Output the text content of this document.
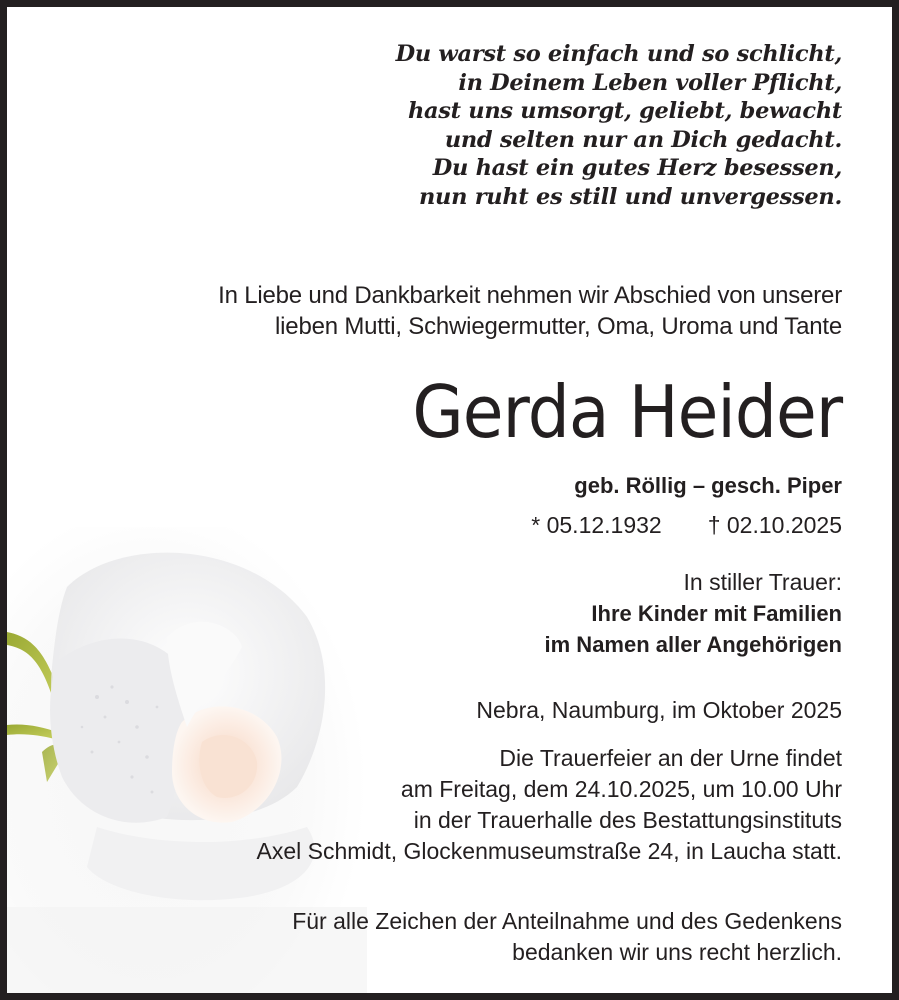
Du warst so einfach und so schlicht,
in Deinem Leben voller Pflicht,
hast uns umsorgt, geliebt, bewacht
und selten nur an Dich gedacht.
Du hast ein gutes Herz besessen,
nun ruht es still und unvergessen.
In Liebe und Dankbarkeit nehmen wir Abschied von unserer
lieben Mutti, Schwiegermutter, Oma, Uroma und Tante
Gerda Heider
geb. Röllig – gesch. Piper
* 05.12.1932 † 02.10.2025
In stiller Trauer:
Ihre Kinder mit Familien
im Namen aller Angehörigen
Nebra, Naumburg, im Oktober 2025
Die Trauerfeier an der Urne findet
am Freitag, dem 24.10.2025, um 10.00 Uhr
in der Trauerhalle des Bestattungsinstituts
Axel Schmidt, Glockenmuseumstraße 24, in Laucha statt.
Für alle Zeichen der Anteilnahme und des Gedenkens
bedanken wir uns recht herzlich.
